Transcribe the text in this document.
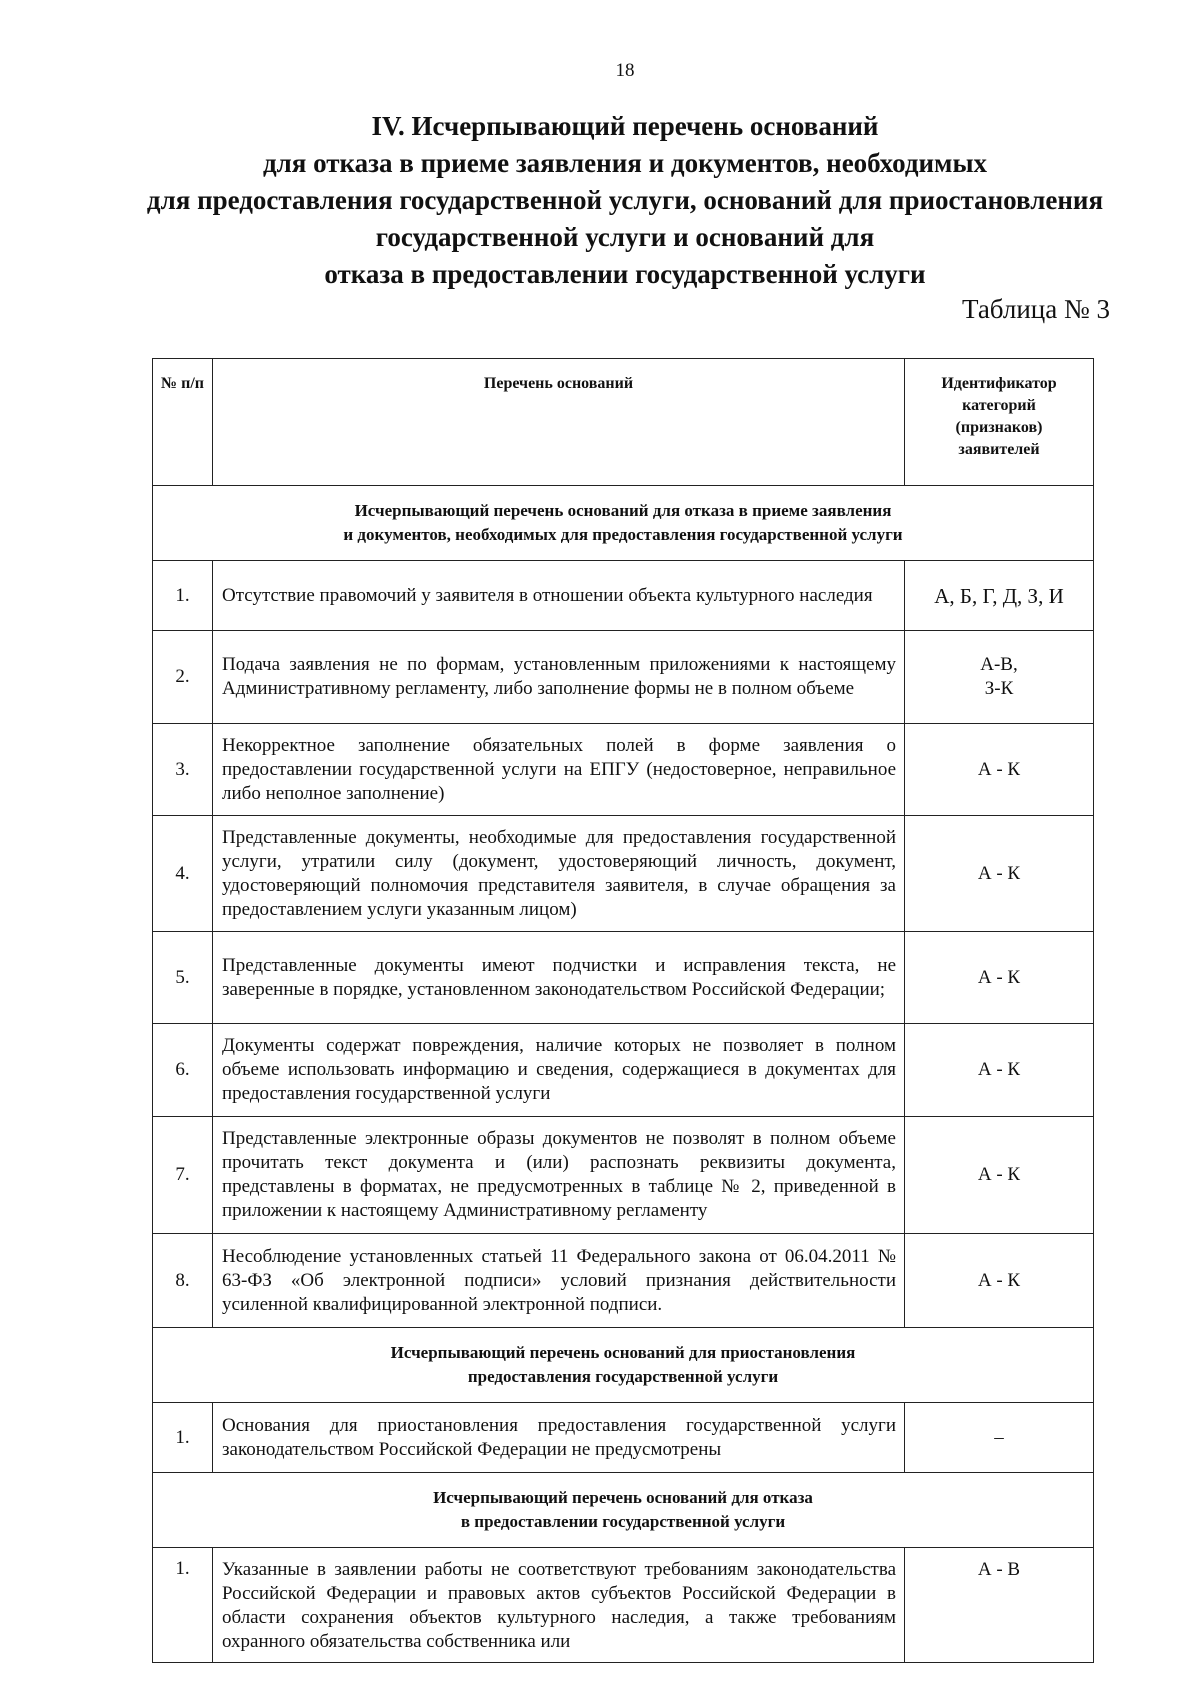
18
IV. Исчерпывающий перечень оснований
для отказа в приеме заявления и документов, необходимых
для предоставления государственной услуги, оснований для приостановления
государственной услуги и оснований для
отказа в предоставлении государственной услуги
Таблица № 3
№ п/п	Перечень оснований	Идентификатор категорий (признаков) заявителей

Исчерпывающий перечень оснований для отказа в приеме заявления
и документов, необходимых для предоставления государственной услуги		

1.	Отсутствие правомочий у заявителя в отношении объекта культурного наследия	А, Б, Г, Д, З, И
2.	Подача заявления не по формам, установленным приложениями к настоящему Административному регламенту, либо заполнение формы не в полном объеме	А-В,
З-К
3.	Некорректное заполнение обязательных полей в форме заявления о предоставлении государственной услуги на ЕПГУ (недостоверное, неправильное либо неполное заполнение)	А - К
4.	Представленные документы, необходимые для предоставления государственной услуги, утратили силу (документ, удостоверяющий личность, документ, удостоверяющий полномочия представителя заявителя, в случае обращения за предоставлением услуги указанным лицом)	А - К
5.	Представленные документы имеют подчистки и исправления текста, не заверенные в порядке, установленном законодательством Российской Федерации;	А - К
6.	Документы содержат повреждения, наличие которых не позволяет в полном объеме использовать информацию и сведения, содержащиеся в документах для предоставления государственной услуги	А - К
7.	Представленные электронные образы документов не позволят в полном объеме прочитать текст документа и (или) распознать реквизиты документа, представлены в форматах, не предусмотренных в таблице № 2, приведенной в приложении к настоящему Административному регламенту	А - К
8.	Несоблюдение установленных статьей 11 Федерального закона от 06.04.2011 № 63-ФЗ «Об электронной подписи» условий признания действительности усиленной квалифицированной электронной подписи.	А - К

Исчерпывающий перечень оснований для приостановления
предоставления государственной услуги		

1.	Основания для приостановления предоставления государственной услуги законодательством Российской Федерации не предусмотрены	–

Исчерпывающий перечень оснований для отказа
в предоставлении государственной услуги		

1.	Указанные в заявлении работы не соответствуют требованиям законодательства Российской Федерации и правовых актов субъектов Российской Федерации в области сохранения объектов культурного наследия, а также требованиям охранного обязательства собственника или	А - В
